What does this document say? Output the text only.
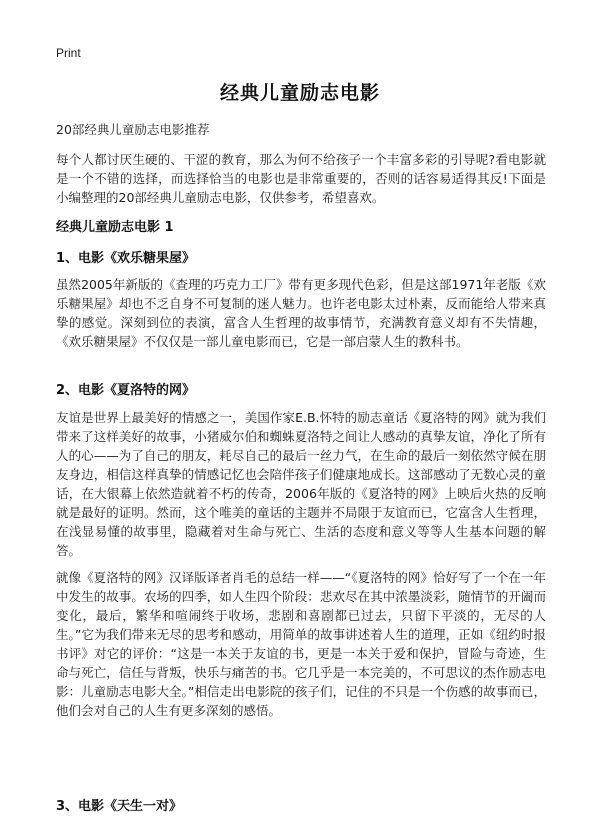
Print
经典儿童励志电影
20部经典儿童励志电影推荐
每个人都讨厌生硬的、干涩的教育，那么为何不给孩子一个丰富多彩的引导呢?看电影就是一个不错的选择，而选择恰当的电影也是非常重要的，否则的话容易适得其反!下面是小编整理的20部经典儿童励志电影，仅供参考，希望喜欢。
经典儿童励志电影 1
1、电影《欢乐糖果屋》
虽然2005年新版的《查理的巧克力工厂》带有更多现代色彩，但是这部1971年老版《欢乐糖果屋》却也不乏自身不可复制的迷人魅力。也许老电影太过朴素，反而能给人带来真挚的感觉。深刻到位的表演，富含人生哲理的故事情节，充满教育意义却有不失情趣，《欢乐糖果屋》不仅仅是一部儿童电影而已，它是一部启蒙人生的教科书。
2、电影《夏洛特的网》
友谊是世界上最美好的情感之一，美国作家E.B.怀特的励志童话《夏洛特的网》就为我们带来了这样美好的故事，小猪威尔伯和蜘蛛夏洛特之间让人感动的真挚友谊，净化了所有人的心——为了自己的朋友，耗尽自己的最后一丝力气，在生命的最后一刻依然守候在朋友身边，相信这样真挚的情感记忆也会陪伴孩子们健康地成长。这部感动了无数心灵的童话，在大银幕上依然造就着不朽的传奇，2006年版的《夏洛特的网》上映后火热的反响就是最好的证明。然而，这个唯美的童话的主题并不局限于友谊而已，它富含人生哲理，在浅显易懂的故事里，隐藏着对生命与死亡、生活的态度和意义等等人生基本问题的解答。
就像《夏洛特的网》汉译版译者肖毛的总结一样——“《夏洛特的网》恰好写了一个在一年中发生的故事。农场的四季，如人生四个阶段：悲欢尽在其中浓墨淡彩，随情节的开阖而变化，最后，繁华和喧闹终于收场，悲剧和喜剧都已过去，只留下平淡的，无尽的人生。”它为我们带来无尽的思考和感动，用简单的故事讲述着人生的道理，正如《纽约时报书评》对它的评价：“这是一本关于友谊的书，更是一本关于爱和保护，冒险与奇迹，生命与死亡，信任与背叛，快乐与痛苦的书。它几乎是一本完美的，不可思议的杰作励志电影：儿童励志电影大全。”相信走出电影院的孩子们，记住的不只是一个伤感的故事而已，他们会对自己的人生有更多深刻的感悟。
3、电影《天生一对》
